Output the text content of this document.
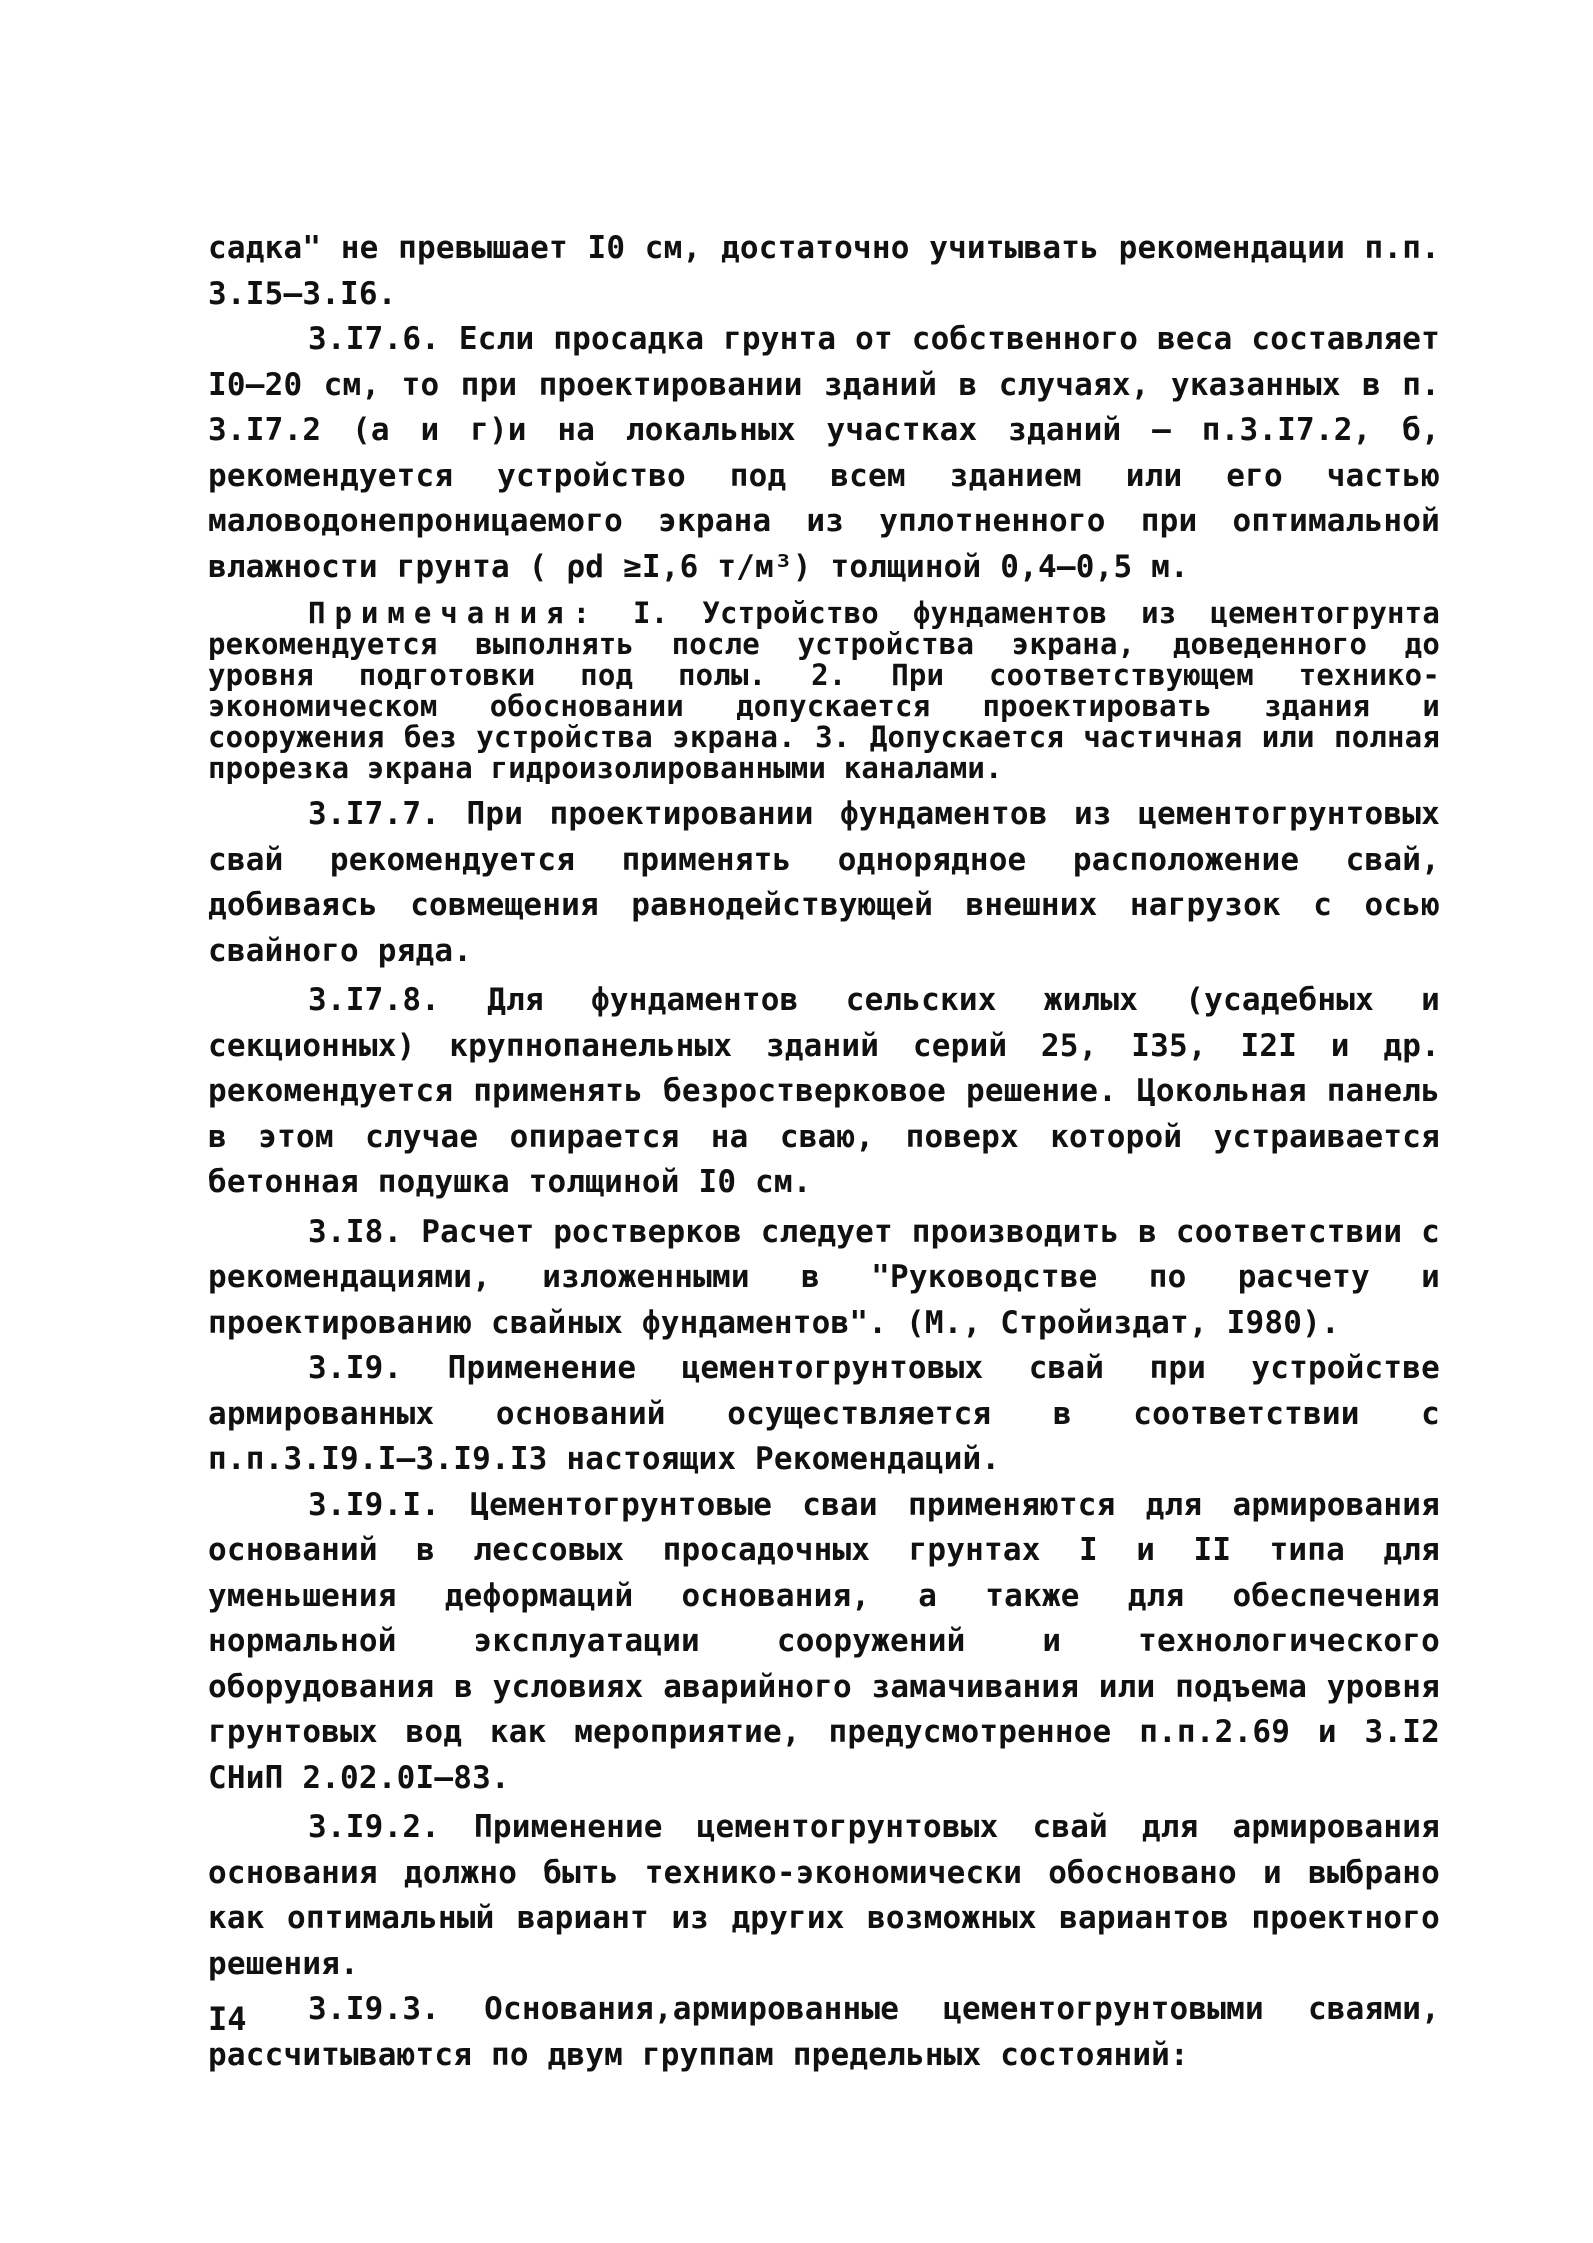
садка" не превышает I0 см, достаточно учитывать рекомендации п.п. 3.I5–3.I6.

3.I7.6. Если просадка грунта от собственного веса составляет I0–20 см, то при проектировании зданий в случаях, указанных в п. 3.I7.2 (а и г)и на локальных участках зданий – п.3.I7.2, б, рекомендуется устройство под всем зданием или его частью маловодонепроницаемого экрана из уплотненного при оптимальной влажности грунта ( ρd ≥I,6 т/м³) толщиной 0,4–0,5 м.

Примечания: I. Устройство фундаментов из цементогрунта рекомендуется выполнять после устройства экрана, доведенного до уровня подготовки под полы. 2. При соответствующем технико-экономическом обосновании допускается проектировать здания и сооружения без устройства экрана. 3. Допускается частичная или полная прорезка экрана гидроизолированными каналами.

3.I7.7. При проектировании фундаментов из цементогрунтовых свай рекомендуется применять однорядное расположение свай, добиваясь совмещения равнодействующей внешних нагрузок с осью свайного ряда.

3.I7.8. Для фундаментов сельских жилых (усадебных и секционных) крупнопанельных зданий серий 25, I35, I2I и др. рекомендуется применять безростверковое решение. Цокольная панель в этом случае опирается на сваю, поверх которой устраивается бетонная подушка толщиной I0 см.

3.I8. Расчет ростверков следует производить в соответствии с рекомендациями, изложенными в "Руководстве по расчету и проектированию свайных фундаментов". (М., Стройиздат, I980).

3.I9. Применение цементогрунтовых свай при устройстве армированных оснований осуществляется в соответствии с п.п.3.I9.I–3.I9.I3 настоящих Рекомендаций.

3.I9.I. Цементогрунтовые сваи применяются для армирования оснований в лессовых просадочных грунтах I и II типа для уменьшения деформаций основания, а также для обеспечения нормальной эксплуатации сооружений и технологического оборудования в условиях аварийного замачивания или подъема уровня грунтовых вод как мероприятие, предусмотренное п.п.2.69 и 3.I2 СНиП 2.02.0I–83.

3.I9.2. Применение цементогрунтовых свай для армирования основания должно быть технико-экономически обосновано и выбрано как оптимальный вариант из других возможных вариантов проектного решения.

3.I9.3. Основания,армированные цементогрунтовыми сваями, рассчитываются по двум группам предельных состояний:

I4
